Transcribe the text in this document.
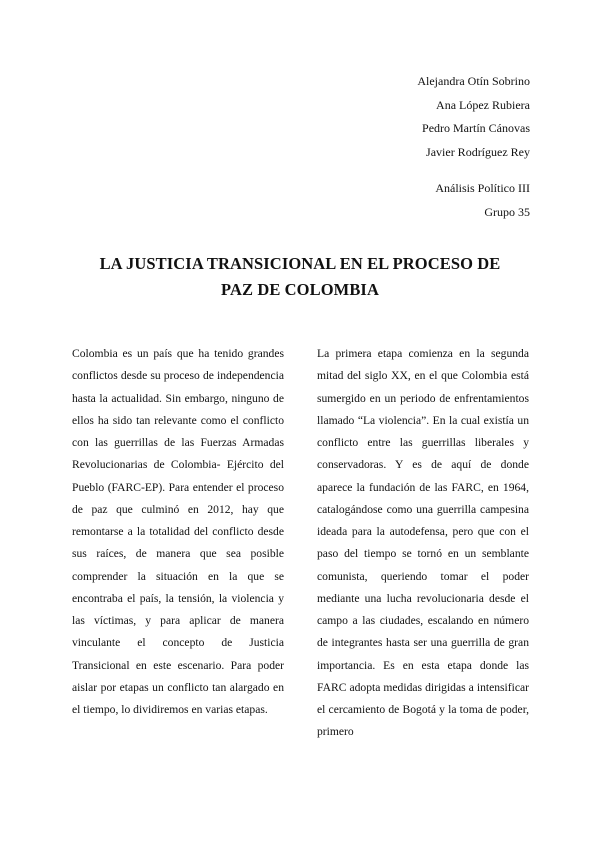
Alejandra Otín Sobrino
Ana López Rubiera
Pedro Martín Cánovas
Javier Rodríguez Rey
Análisis Político III
Grupo 35
LA JUSTICIA TRANSICIONAL EN EL PROCESO DE
PAZ DE COLOMBIA
Colombia es un país que ha tenido grandes conflictos desde su proceso de independencia hasta la actualidad. Sin embargo, ninguno de ellos ha sido tan relevante como el conflicto con las guerrillas de las Fuerzas Armadas Revolucionarias de Colombia- Ejército del Pueblo (FARC-EP). Para entender el proceso de paz que culminó en 2012, hay que remontarse a la totalidad del conflicto desde sus raíces, de manera que sea posible comprender la situación en la que se encontraba el país, la tensión, la violencia y las víctimas, y para aplicar de manera vinculante el concepto de Justicia Transicional en este escenario. Para poder aislar por etapas un conflicto tan alargado en el tiempo, lo dividiremos en varias etapas.
La primera etapa comienza en la segunda mitad del siglo XX, en el que Colombia está sumergido en un periodo de enfrentamientos llamado “La violencia”. En la cual existía un conflicto entre las guerrillas liberales y conservadoras. Y es de aquí de donde aparece la fundación de las FARC, en 1964, catalogándose como una guerrilla campesina ideada para la autodefensa, pero que con el paso del tiempo se tornó en un semblante comunista, queriendo tomar el poder mediante una lucha revolucionaria desde el campo a las ciudades, escalando en número de integrantes hasta ser una guerrilla de gran importancia. Es en esta etapa donde las FARC adopta medidas dirigidas a intensificar el cercamiento de Bogotá y la toma de poder, primero
